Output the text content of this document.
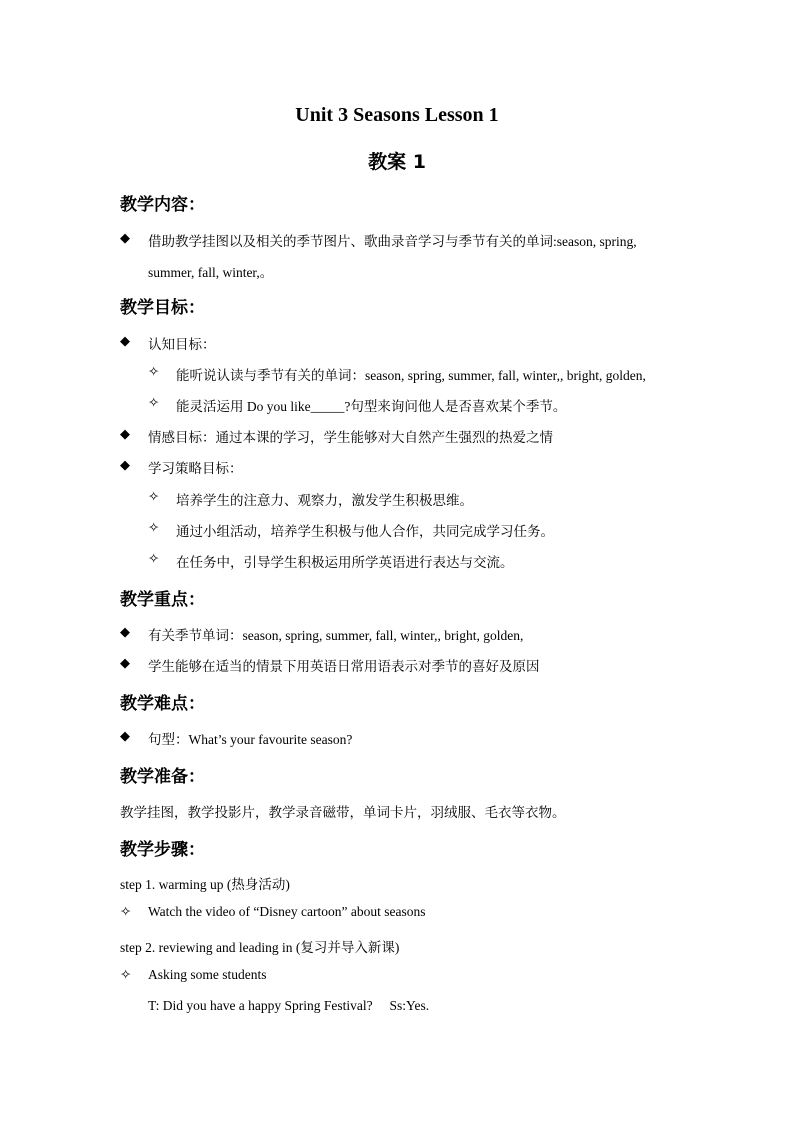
Unit 3 Seasons Lesson 1
教案 1
教学内容：
◆ 借助教学挂图以及相关的季节图片、歌曲录音学习与季节有关的单词:season, spring,
summer, fall, winter,。
教学目标：
◆ 认知目标：
✧ 能听说认读与季节有关的单词：season, spring, summer, fall, winter,, bright, golden,
✧ 能灵活运用 Do you like_____?句型来询问他人是否喜欢某个季节。
◆ 情感目标：通过本课的学习，学生能够对大自然产生强烈的热爱之情
◆ 学习策略目标：
✧ 培养学生的注意力、观察力，激发学生积极思维。
✧ 通过小组活动，培养学生积极与他人合作，共同完成学习任务。
✧ 在任务中，引导学生积极运用所学英语进行表达与交流。
教学重点：
◆ 有关季节单词：season, spring, summer, fall, winter,, bright, golden,
◆ 学生能够在适当的情景下用英语日常用语表示对季节的喜好及原因
教学难点：
◆ 句型：What’s your favourite season?
教学准备：
教学挂图，教学投影片，教学录音磁带，单词卡片，羽绒服、毛衣等衣物。
教学步骤：
step 1. warming up (热身活动)
✧ Watch the video of “Disney cartoon” about seasons
step 2. reviewing and leading in (复习并导入新课)
✧ Asking some students
T: Did you have a happy Spring Festival?     Ss:Yes.
